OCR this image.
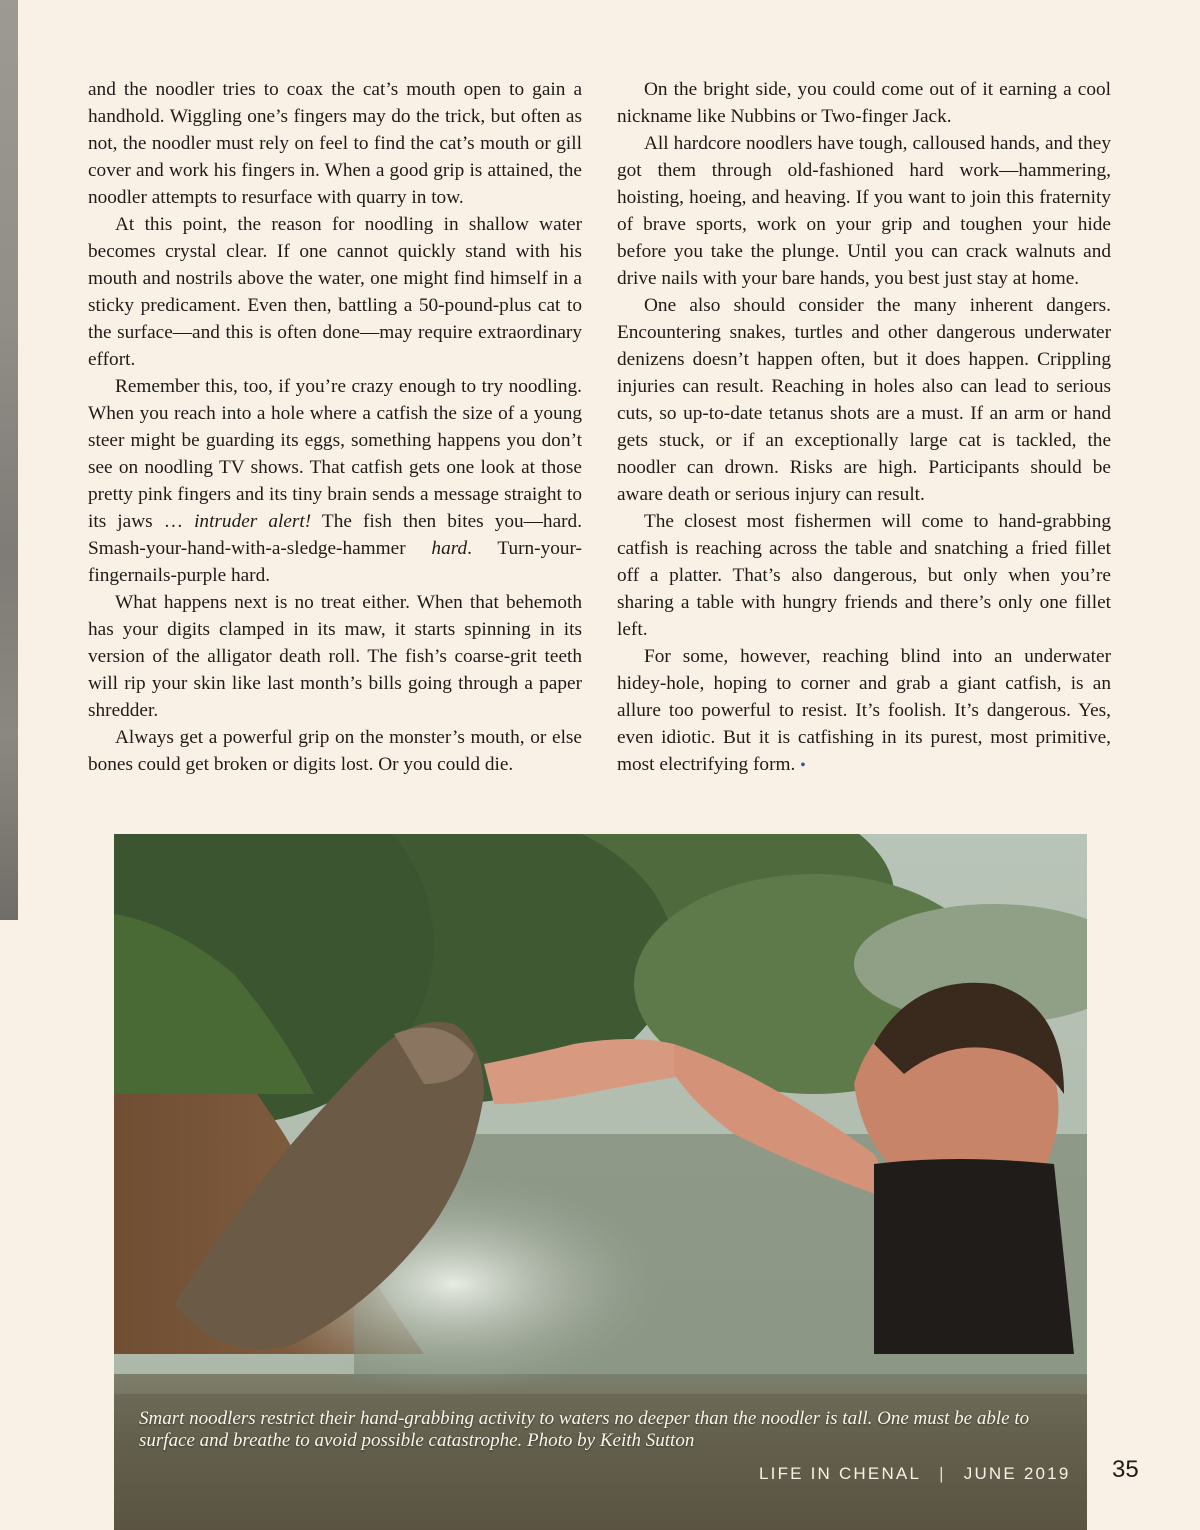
and the noodler tries to coax the cat’s mouth open to gain a handhold. Wiggling one’s fingers may do the trick, but often as not, the noodler must rely on feel to find the cat’s mouth or gill cover and work his fingers in. When a good grip is attained, the noodler attempts to resurface with quarry in tow.

At this point, the reason for noodling in shallow water becomes crystal clear. If one cannot quickly stand with his mouth and nostrils above the water, one might find himself in a sticky predicament. Even then, battling a 50-pound-plus cat to the surface—and this is often done—may require extraordinary effort.

Remember this, too, if you’re crazy enough to try noodling. When you reach into a hole where a catfish the size of a young steer might be guarding its eggs, something happens you don’t see on noodling TV shows. That catfish gets one look at those pretty pink fingers and its tiny brain sends a message straight to its jaws … intruder alert! The fish then bites you—hard. Smash-your-hand-with-a-sledge-hammer hard. Turn-your-fingernails-purple hard.

What happens next is no treat either. When that behemoth has your digits clamped in its maw, it starts spinning in its version of the alligator death roll. The fish’s coarse-grit teeth will rip your skin like last month’s bills going through a paper shredder.

Always get a powerful grip on the monster’s mouth, or else bones could get broken or digits lost. Or you could die.

On the bright side, you could come out of it earning a cool nickname like Nubbins or Two-finger Jack.

All hardcore noodlers have tough, calloused hands, and they got them through old-fashioned hard work—hammering, hoisting, hoeing, and heaving. If you want to join this fraternity of brave sports, work on your grip and toughen your hide before you take the plunge. Until you can crack walnuts and drive nails with your bare hands, you best just stay at home.

One also should consider the many inherent dangers. Encountering snakes, turtles and other dangerous underwater denizens doesn’t happen often, but it does happen. Crippling injuries can result. Reaching in holes also can lead to serious cuts, so up-to-date tetanus shots are a must. If an arm or hand gets stuck, or if an exceptionally large cat is tackled, the noodler can drown. Risks are high. Participants should be aware death or serious injury can result.

The closest most fishermen will come to hand-grabbing catfish is reaching across the table and snatching a fried fillet off a platter. That’s also dangerous, but only when you’re sharing a table with hungry friends and there’s only one fillet left.

For some, however, reaching blind into an underwater hidey-hole, hoping to corner and grab a giant catfish, is an allure too powerful to resist. It’s foolish. It’s dangerous. Yes, even idiotic. But it is catfishing in its purest, most primitive, most electrifying form. •

Smart noodlers restrict their hand-grabbing activity to waters no deeper than the noodler is tall. One must be able to surface and breathe to avoid possible catastrophe. Photo by Keith Sutton
LIFE IN CHENAL | JUNE 2019 35
